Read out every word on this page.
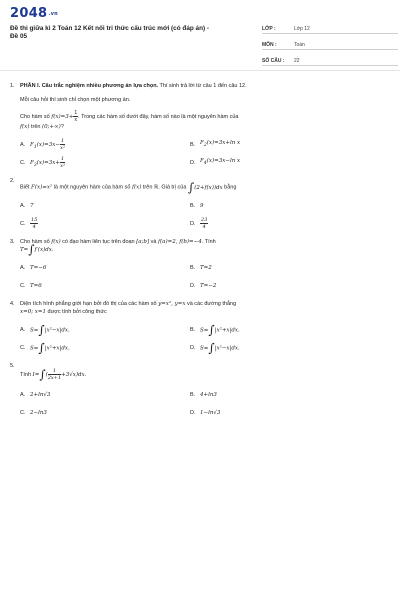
2048.vn
Đề thi giữa kì 2 Toán 12 Kết nối tri thức cấu trúc mới (có đáp án) - Đề 05
LỚP :	Lớp 12
MÔN :	Toán
SỐ CÂU :	22
1. PHẦN I. Câu trắc nghiệm nhiều phương án lựa chọn. Thí sinh trả lời từ câu 1 đến câu 12.
Mỗi câu hỏi thí sinh chỉ chọn một phương án.
Cho hàm số $f(x)=3+ \frac{1}{x}$ . Trong các hàm số dưới đây, hàm số nào là một nguyên hàm của
f(x) trên (0;+∞)?
A. $F_1(x)=3x- \frac{1}{\text{x²}}$	B. $F_2(x)=3x+\ln$ x
C. $F_3(x)=3x+ \frac{1}{\text{x²}}$	D. $F_4(x)=3x-\ln$ x
2.
Biết F(x)=x² là một nguyên hàm của hàm số f(x) trên ℝ. Giá trị của ∫(2+f(x))dx bằng
A. 7	B. 9
C. $\frac{15}{4}$	D. $\frac{23}{4}$
3. Cho hàm số f(x) có đạo hàm liên tục trên đoạn [a;b] và f(a)=2, f(b)=−4. Tính
T=∫f′(x)dx.
A. T=−6	B. T=2
C. T=6	D. T=−2
4. Diện tích hình phẳng giới hạn bởi đồ thị của các hàm số y=x², y=x và các đường thẳng
x=0; x=1 được tính bởi công thức
A. S=∫|x²−x|dx.	B. S=∫|x²+x|dx.
C. S=∫|x²+x|dx.	D. S=∫|x²−x|dx.
5.
Tính $I=\int( \frac{1}{2x+1} +3√x)dx$.
A. 2+ln√3	B. 4+ln3
C. 2−ln3	D. 1−ln√3
